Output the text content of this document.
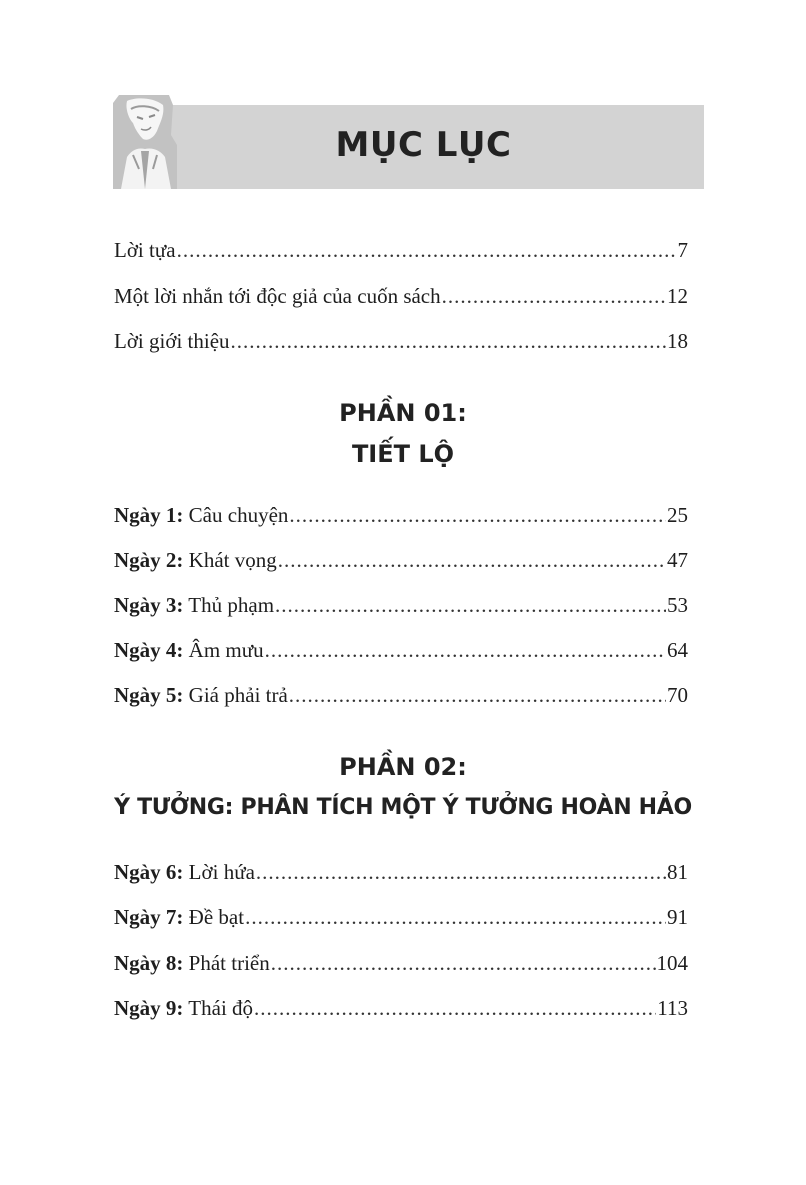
MỤC LỤC
Lời tựa .....	7
Một lời nhắn tới độc giả của cuốn sách .....	12
Lời giới thiệu .....	18
PHẦN 01:
TIẾT LỘ
Ngày 1: Câu chuyện .....	25
Ngày 2: Khát vọng .....	47
Ngày 3: Thủ phạm .....	53
Ngày 4: Âm mưu .....	64
Ngày 5: Giá phải trả .....	70
PHẦN 02:
Ý TƯỞNG: PHÂN TÍCH MỘT Ý TƯỞNG HOÀN HẢO
Ngày 6: Lời hứa .....	81
Ngày 7: Đề bạt .....	91
Ngày 8: Phát triển .....	104
Ngày 9: Thái độ .....	113
